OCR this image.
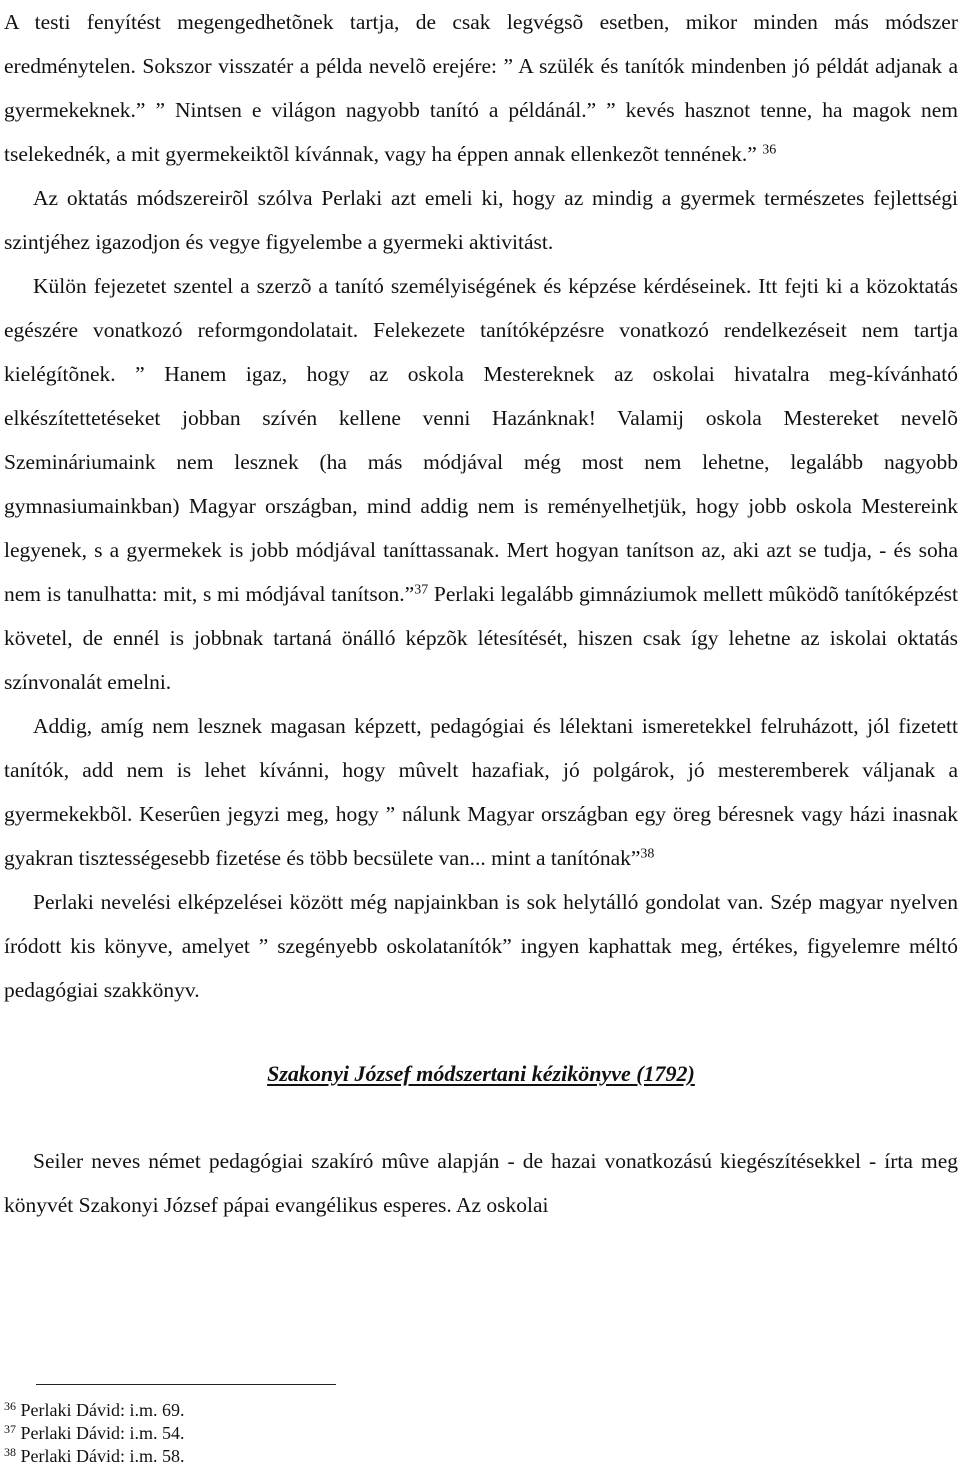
A testi fenyítést megengedhetõnek tartja, de csak legvégsõ esetben, mikor minden más módszer eredménytelen. Sokszor visszatér a példa nevelõ erejére: ” A szülék és tanítók mindenben jó példát adjanak a gyermekeknek.” ” Nintsen e világon nagyobb tanító a példánál.” ” kevés hasznot tenne, ha magok nem tselekednék, a mit gyermekeiktõl kívánnak, vagy ha éppen annak ellenkezõt tennének.” $^{36}$

Az oktatás módszereirõl szólva Perlaki azt emeli ki, hogy az mindig a gyermek természetes fejlettségi szintjéhez igazodjon és vegye figyelembe a gyermeki aktivitást.

Külön fejezetet szentel a szerzõ a tanító személyiségének és képzése kérdéseinek. Itt fejti ki a közoktatás egészére vonatkozó reformgondolatait. Felekezete tanítóképzésre vonatkozó rendelkezéseit nem tartja kielégítõnek. ” Hanem igaz, hogy az oskola Mestereknek az oskolai hivatalra meg-kívánható elkészítettetéseket jobban szívén kellene venni Hazánknak! Valamij oskola Mestereket nevelõ Szemináriumaink nem lesznek (ha más módjával még most nem lehetne, legalább nagyobb gymnasiumainkban) Magyar országban, mind addig nem is reményelhetjük, hogy jobb oskola Mestereink legyenek, s a gyermekek is jobb módjával taníttassanak. Mert hogyan tanítson az, aki azt se tudja, - és soha nem is tanulhatta: mit, s mi módjával tanítson.”$^{37}$ Perlaki legalább gimnáziumok mellett mûködõ tanítóképzést követel, de ennél is jobbnak tartaná önálló képzõk létesítését, hiszen csak így lehetne az iskolai oktatás színvonalát emelni.

Addig, amíg nem lesznek magasan képzett, pedagógiai és lélektani ismeretekkel felruházott, jól fizetett tanítók, add nem is lehet kívánni, hogy mûvelt hazafiak, jó polgárok, jó mesteremberek váljanak a gyermekekbõl. Keserûen jegyzi meg, hogy ” nálunk Magyar országban egy öreg béresnek vagy házi inasnak gyakran tisztességesebb fizetése és több becsülete van... mint a tanítónak”$^{38}$

Perlaki nevelési elképzelései között még napjainkban is sok helytálló gondolat van. Szép magyar nyelven íródott kis könyve, amelyet ” szegényebb oskolatanítók” ingyen kaphattak meg, értékes, figyelemre méltó pedagógiai szakkönyv.

Szakonyi József módszertani kézikönyve (1792)

Seiler neves német pedagógiai szakíró mûve alapján - de hazai vonatkozású kiegészítésekkel - írta meg könyvét Szakonyi József pápai evangélikus esperes. Az oskolai

$^{36}$ Perlaki Dávid: i.m. 69.
$^{37}$ Perlaki Dávid: i.m. 54.
$^{38}$ Perlaki Dávid: i.m. 58.
